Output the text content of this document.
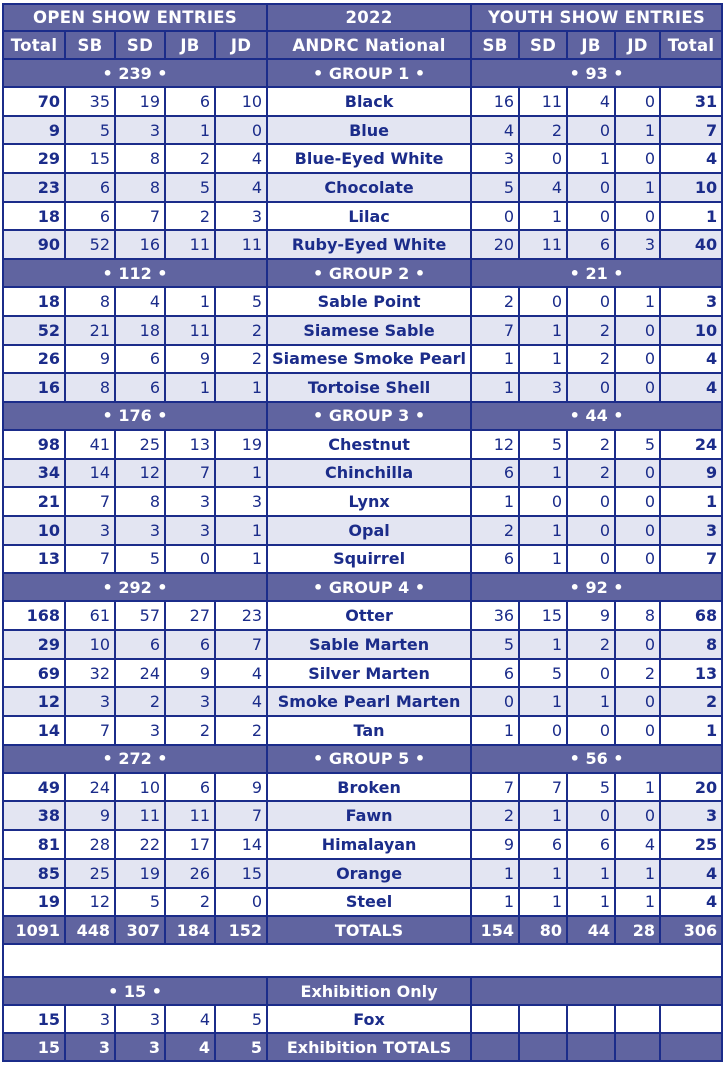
OPEN SHOW ENTRIES					2022	YOUTH SHOW ENTRIES				
Total	SB	SD	JB	JD	ANDRC National	SB	SD	JB	JD	Total
• 239 •					• GROUP 1 •	• 93 •				
70	35	19	6	10	Black	16	11	4	0	31
9	5	3	1	0	Blue	4	2	0	1	7
29	15	8	2	4	Blue-Eyed White	3	0	1	0	4
23	6	8	5	4	Chocolate	5	4	0	1	10
18	6	7	2	3	Lilac	0	1	0	0	1
90	52	16	11	11	Ruby-Eyed White	20	11	6	3	40
• 112 •					• GROUP 2 •	• 21 •				
18	8	4	1	5	Sable Point	2	0	0	1	3
52	21	18	11	2	Siamese Sable	7	1	2	0	10
26	9	6	9	2	Siamese Smoke Pearl	1	1	2	0	4
16	8	6	1	1	Tortoise Shell	1	3	0	0	4
• 176 •					• GROUP 3 •	• 44 •				
98	41	25	13	19	Chestnut	12	5	2	5	24
34	14	12	7	1	Chinchilla	6	1	2	0	9
21	7	8	3	3	Lynx	1	0	0	0	1
10	3	3	3	1	Opal	2	1	0	0	3
13	7	5	0	1	Squirrel	6	1	0	0	7
• 292 •					• GROUP 4 •	• 92 •				
168	61	57	27	23	Otter	36	15	9	8	68
29	10	6	6	7	Sable Marten	5	1	2	0	8
69	32	24	9	4	Silver Marten	6	5	0	2	13
12	3	2	3	4	Smoke Pearl Marten	0	1	1	0	2
14	7	3	2	2	Tan	1	0	0	0	1
• 272 •					• GROUP 5 •	• 56 •				
49	24	10	6	9	Broken	7	7	5	1	20
38	9	11	11	7	Fawn	2	1	0	0	3
81	28	22	17	14	Himalayan	9	6	6	4	25
85	25	19	26	15	Orange	1	1	1	1	4
19	12	5	2	0	Steel	1	1	1	1	4
1091	448	307	184	152	TOTALS	154	80	44	28	306

• 15 •					Exhibition Only					
15	3	3	4	5	Fox					
15	3	3	4	5	Exhibition TOTALS					
